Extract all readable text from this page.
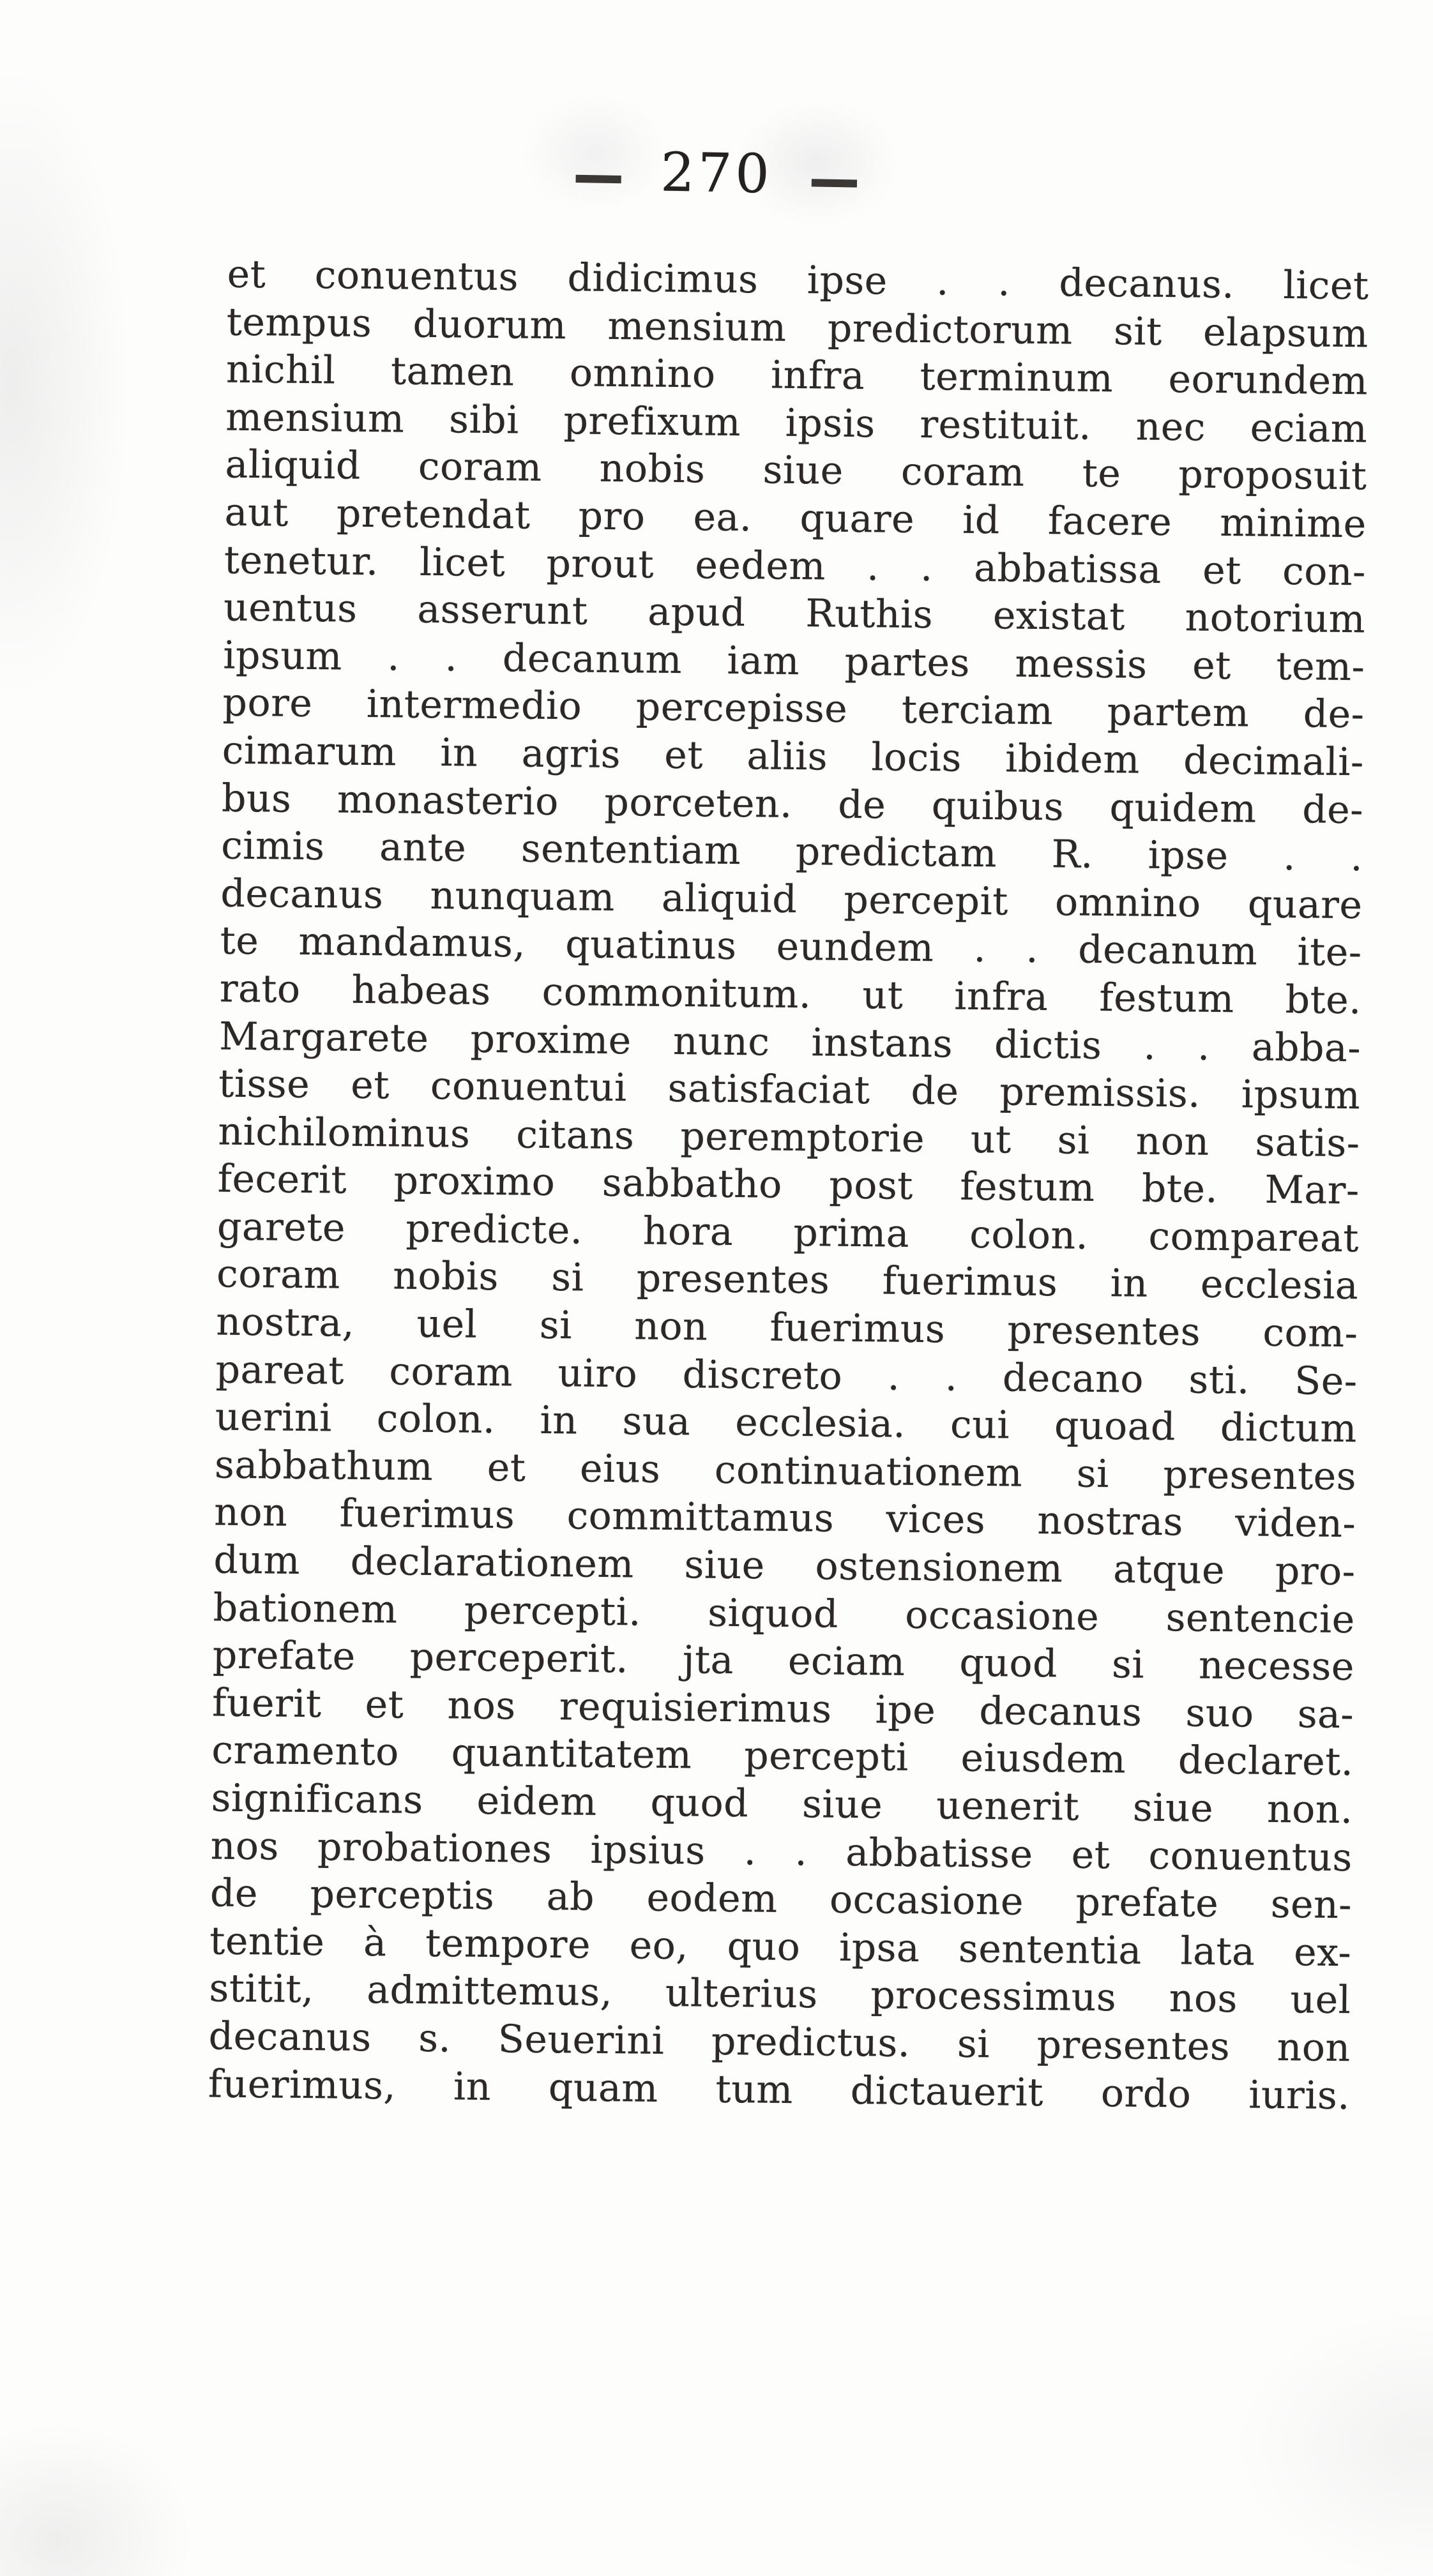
— 270 —
et conuentus didicimus ipse . . decanus. licet
tempus duorum mensium predictorum sit elapsum
nichil tamen omnino infra terminum eorundem
mensium sibi prefixum ipsis restituit. nec eciam
aliquid coram nobis siue coram te proposuit
aut pretendat pro ea. quare id facere minime
tenetur. licet prout eedem . . abbatissa et con-
uentus asserunt apud Ruthis existat notorium
ipsum . . decanum iam partes messis et tem-
pore intermedio percepisse terciam partem de-
cimarum in agris et aliis locis ibidem decimali-
bus monasterio porceten. de quibus quidem de-
cimis ante sententiam predictam R. ipse . .
decanus nunquam aliquid percepit omnino quare
te mandamus, quatinus eundem . . decanum ite-
rato habeas commonitum. ut infra festum bte.
Margarete proxime nunc instans dictis . . abba-
tisse et conuentui satisfaciat de premissis. ipsum
nichilominus citans peremptorie ut si non satis-
fecerit proximo sabbatho post festum bte. Mar-
garete predicte. hora prima colon. compareat
coram nobis si presentes fuerimus in ecclesia
nostra, uel si non fuerimus presentes com-
pareat coram uiro discreto . . decano sti. Se-
uerini colon. in sua ecclesia. cui quoad dictum
sabbathum et eius continuationem si presentes
non fuerimus committamus vices nostras viden-
dum declarationem siue ostensionem atque pro-
bationem percepti. siquod occasione sentencie
prefate perceperit. jta eciam quod si necesse
fuerit et nos requisierimus ipe decanus suo sa-
cramento quantitatem percepti eiusdem declaret.
significans eidem quod siue uenerit siue non.
nos probationes ipsius . . abbatisse et conuentus
de perceptis ab eodem occasione prefate sen-
tentie à tempore eo, quo ipsa sententia lata ex-
stitit, admittemus, ulterius processimus nos uel
decanus s. Seuerini predictus. si presentes non
fuerimus, in quam tum dictauerit ordo iuris.
